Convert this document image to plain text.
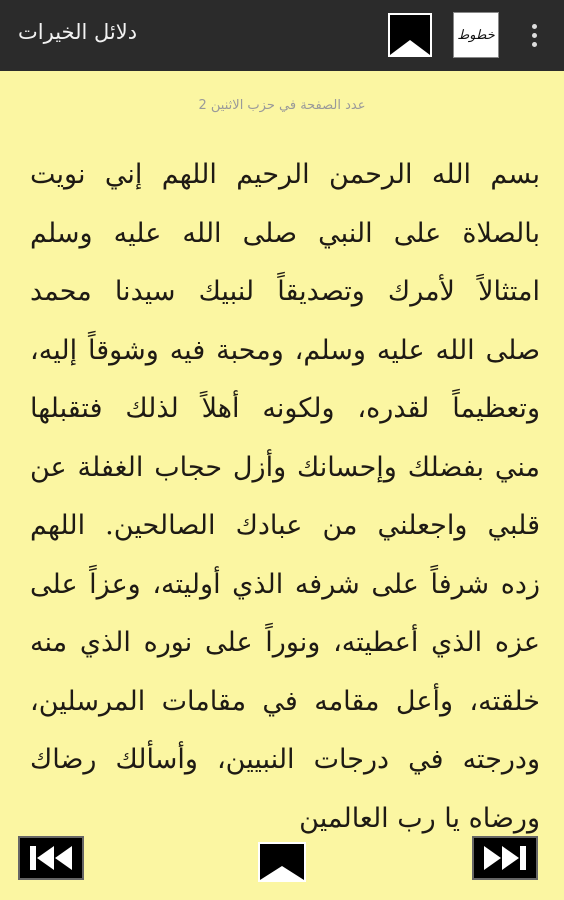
دلائل الخيرات	خطوط
عدد الصفحة في حزب الاثنين 2
بسم الله الرحمن الرحيم اللهم إني نويت
بالصلاة على النبي صلى الله عليه وسلم
امتثالاً لأمرك وتصديقاً لنبيك سيدنا محمد
صلى الله عليه وسلم، ومحبة فيه وشوقاً إليه،
وتعظيماً لقدره، ولكونه أهلاً لذلك فتقبلها
مني بفضلك وإحسانك وأزل حجاب الغفلة عن
قلبي واجعلني من عبادك الصالحين. اللهم
زده شرفاً على شرفه الذي أوليته، وعزاً على
عزه الذي أعطيته، ونوراً على نوره الذي منه
خلقته، وأعل مقامه في مقامات المرسلين،
ودرجته في درجات النبيين، وأسألك رضاك
ورضاه يا رب العالمين
